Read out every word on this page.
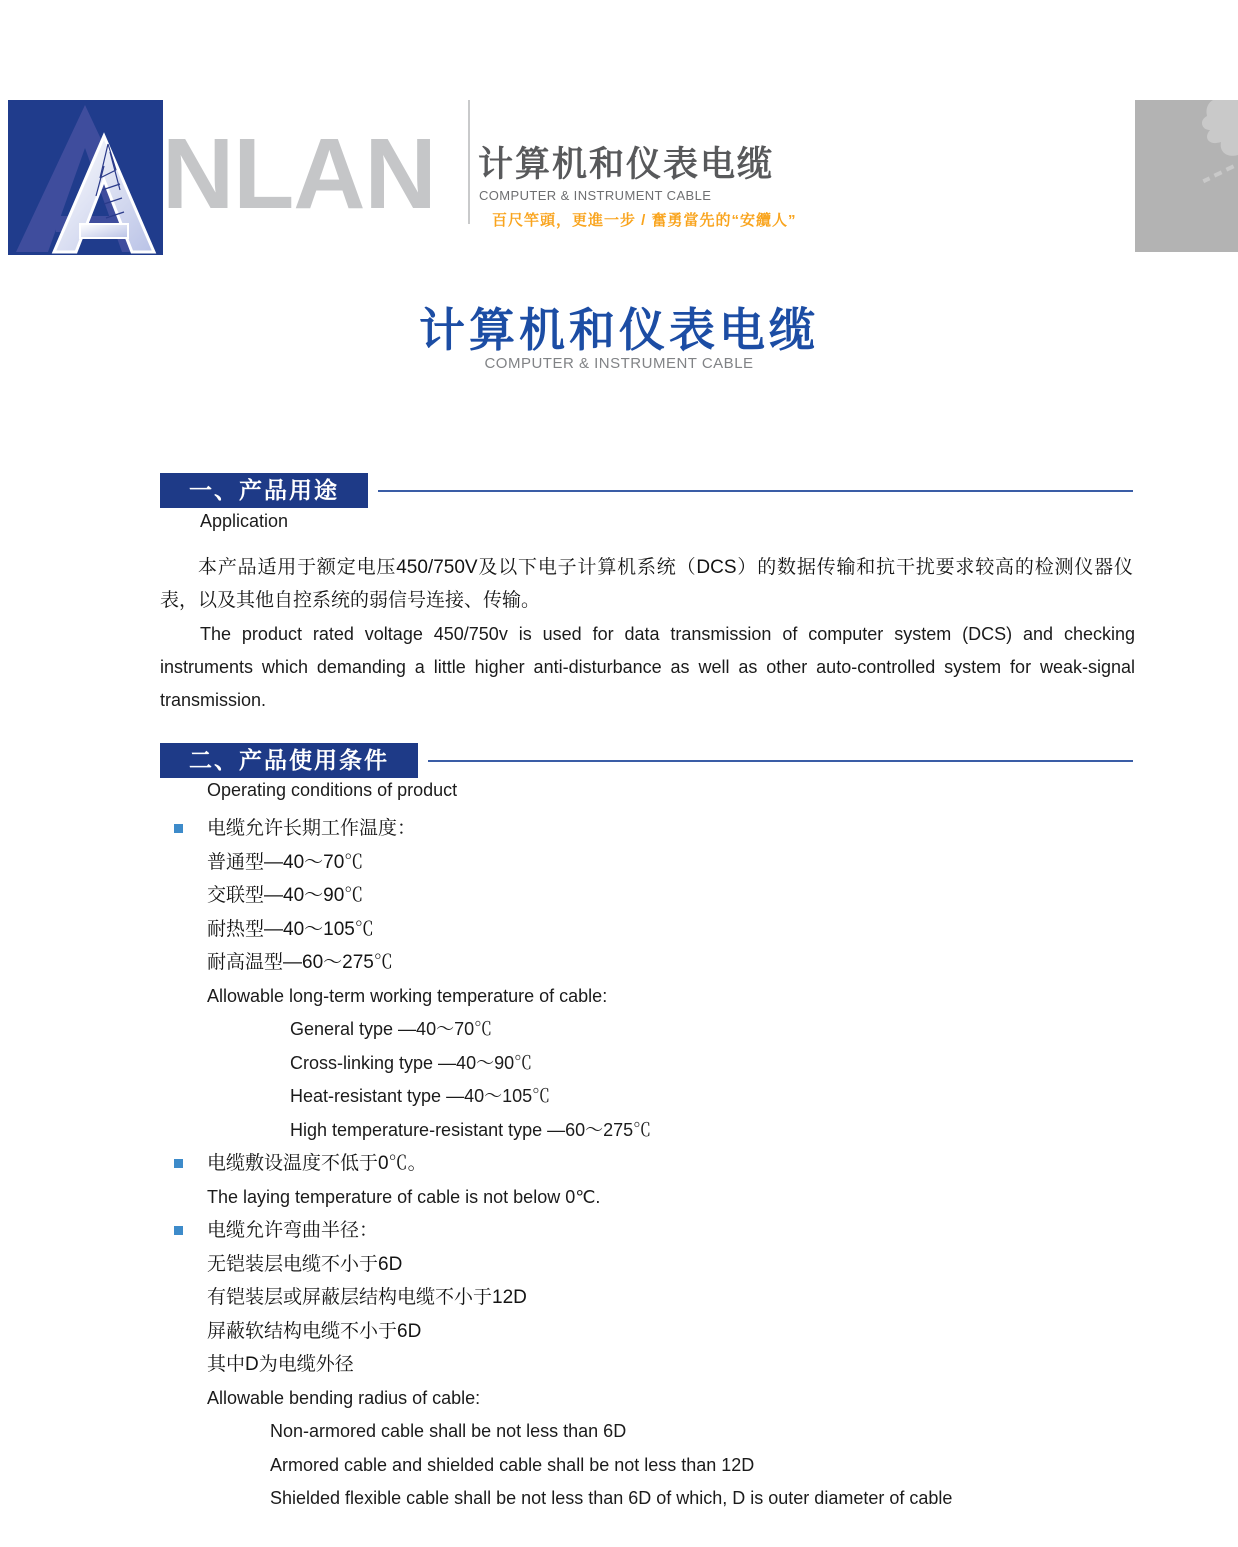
NLAN 计算机和仪表电缆
COMPUTER & INSTRUMENT CABLE
百尺竿頭，更進一步 / 奮勇當先的“安纜人”
计算机和仪表电缆
COMPUTER & INSTRUMENT CABLE
一、产品用途
Application
本产品适用于额定电压450/750V及以下电子计算机系统（DCS）的数据传输和抗干扰要求较高的检测仪器仪表，以及其他自控系统的弱信号连接、传输。
The product rated voltage 450/750v is used for data transmission of computer system (DCS) and checking instruments which demanding a little higher anti-disturbance as well as other auto-controlled system for weak-signal transmission.
二、产品使用条件
Operating conditions of product
电缆允许长期工作温度：
普通型—40～70℃
交联型—40～90℃
耐热型—40～105℃
耐高温型—60～275℃
Allowable long-term working temperature of cable:
General type —40～70℃
Cross-linking type —40～90℃
Heat-resistant type —40～105℃
High temperature-resistant type —60～275℃
电缆敷设温度不低于0℃。
The laying temperature of cable is not below 0℃.
电缆允许弯曲半径：
无铠装层电缆不小于6D
有铠装层或屏蔽层结构电缆不小于12D
屏蔽软结构电缆不小于6D
其中D为电缆外径
Allowable bending radius of cable:
Non-armored cable shall be not less than 6D
Armored cable and shielded cable shall be not less than 12D
Shielded flexible cable shall be not less than 6D of which, D is outer diameter of cable
